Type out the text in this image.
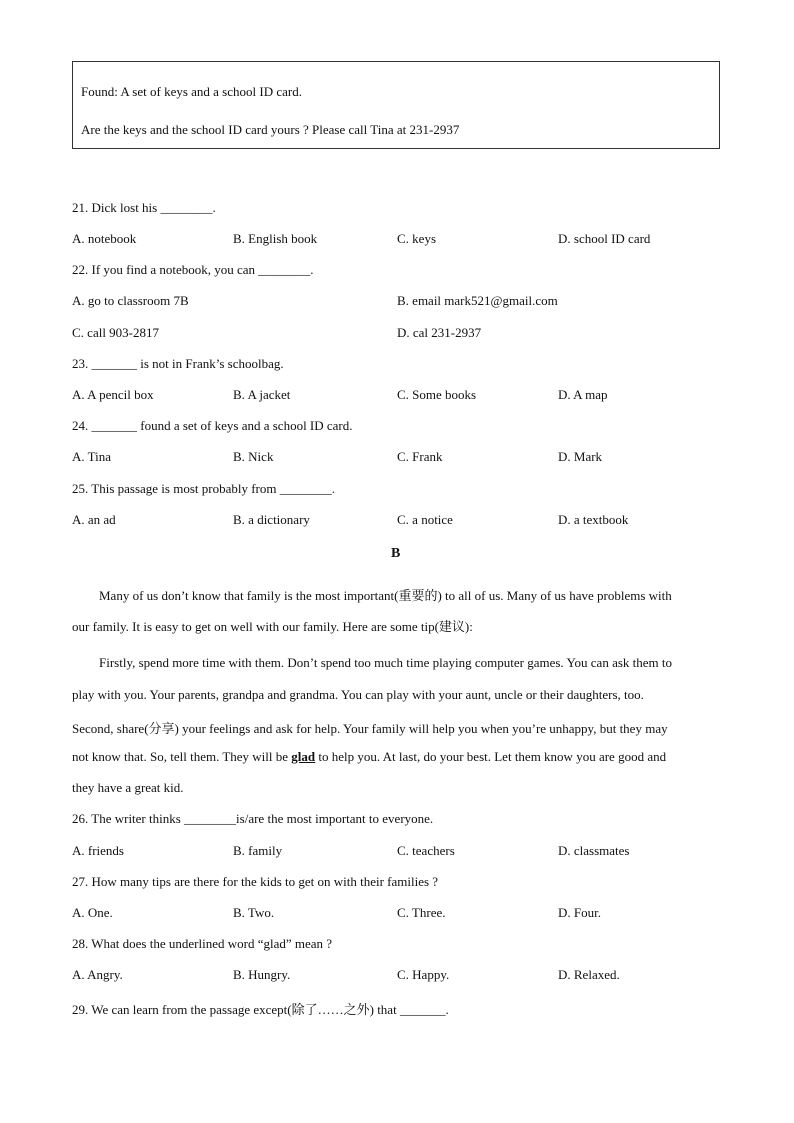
Found: A set of keys and a school ID card.

Are the keys and the school ID card yours ? Please call Tina at 231-2937

21. Dick lost his ________.

A. notebook	B. English book	C. keys	D. school ID card

22. If you find a notebook, you can ________.

A. go to classroom 7B	B. email mark521@gmail.com

C. call 903-2817	D. cal 231-2937

23. _______ is not in Frank’s schoolbag.

A. A pencil box	B. A jacket	C. Some books	D. A map

24. _______ found a set of keys and a school ID card.

A. Tina	B. Nick	C. Frank	D. Mark

25. This passage is most probably from ________.

A. an ad	B. a dictionary	C. a notice	D. a textbook

B

Many of us don’t know that family is the most important(重要的) to all of us. Many of us have problems with

our family. It is easy to get on well with our family. Here are some tip(建议):

Firstly, spend more time with them. Don’t spend too much time playing computer games. You can ask them to

play with you. Your parents, grandpa and grandma. You can play with your aunt, uncle or their daughters, too.

Second, share(分享) your feelings and ask for help. Your family will help you when you’re unhappy, but they may

not know that. So, tell them. They will be glad to help you. At last, do your best. Let them know you are good and

they have a great kid.

26. The writer thinks ________is/are the most important to everyone.

A. friends	B. family	C. teachers	D. classmates

27. How many tips are there for the kids to get on with their families ?

A. One.	B. Two.	C. Three.	D. Four.

28. What does the underlined word “glad” mean ?

A. Angry.	B. Hungry.	C. Happy.	D. Relaxed.

29. We can learn from the passage except(除了……之外) that _______.
